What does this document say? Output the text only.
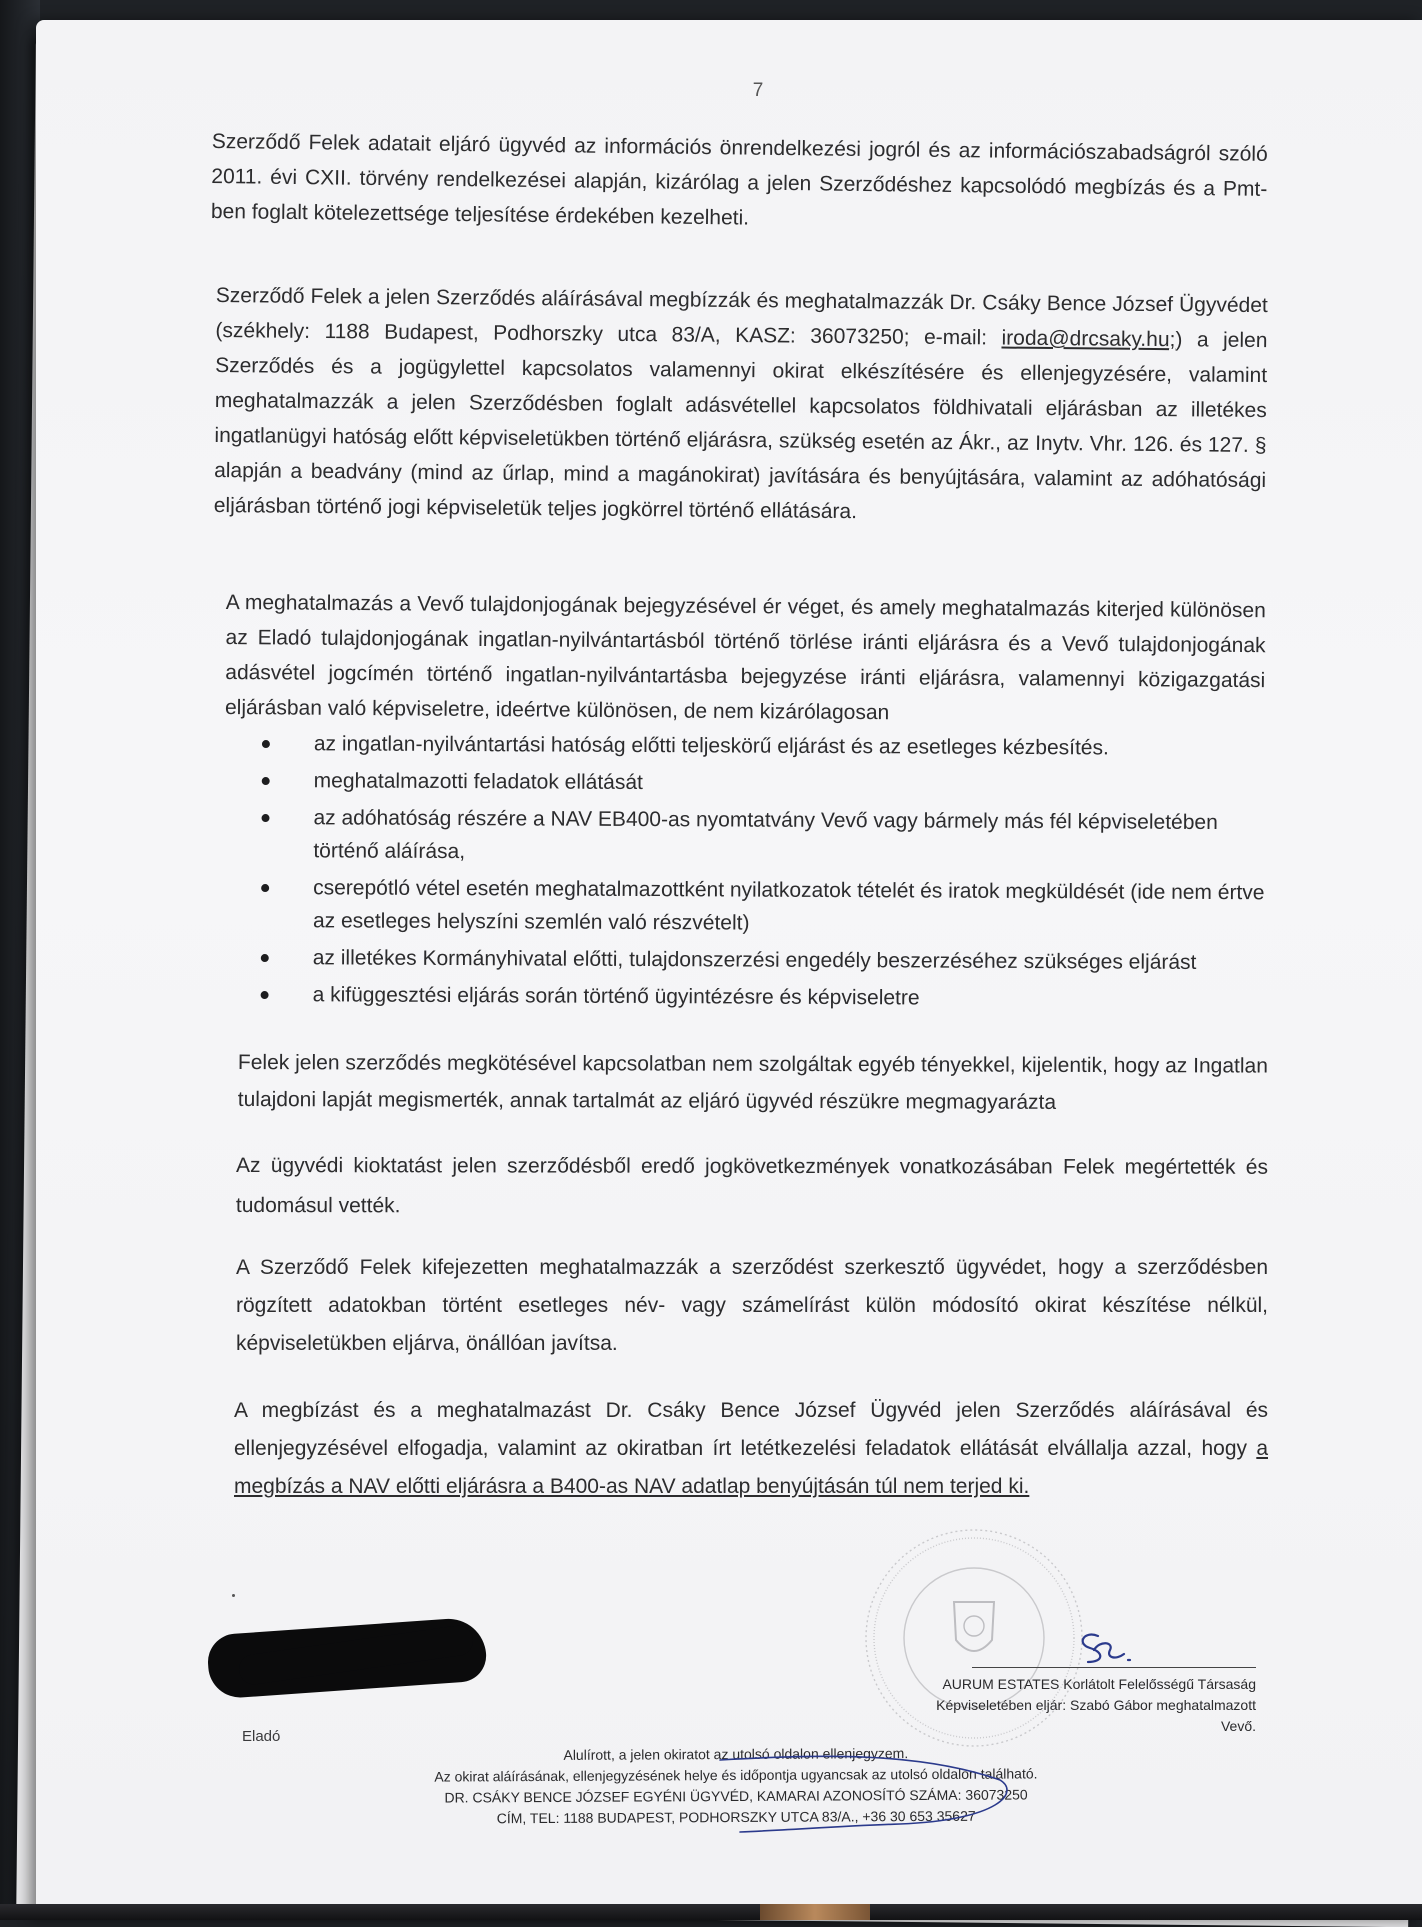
7
Szerződő Felek adatait eljáró ügyvéd az információs önrendelkezési jogról és az információszabadságról szóló 2011. évi CXII. törvény rendelkezései alapján, kizárólag a jelen Szerződéshez kapcsolódó megbízás és a Pmt-ben foglalt kötelezettsége teljesítése érdekében kezelheti.
Szerződő Felek a jelen Szerződés aláírásával megbízzák és meghatalmazzák Dr. Csáky Bence József Ügyvédet (székhely: 1188 Budapest, Podhorszky utca 83/A, KASZ: 36073250; e-mail: iroda@drcsaky.hu;) a jelen Szerződés és a jogügylettel kapcsolatos valamennyi okirat elkészítésére és ellenjegyzésére, valamint meghatalmazzák a jelen Szerződésben foglalt adásvétellel kapcsolatos földhivatali eljárásban az illetékes ingatlanügyi hatóság előtt képviseletükben történő eljárásra, szükség esetén az Ákr., az Inytv. Vhr. 126. és 127. § alapján a beadvány (mind az űrlap, mind a magánokirat) javítására és benyújtására, valamint az adóhatósági eljárásban történő jogi képviseletük teljes jogkörrel történő ellátására.
A meghatalmazás a Vevő tulajdonjogának bejegyzésével ér véget, és amely meghatalmazás kiterjed különösen az Eladó tulajdonjogának ingatlan-nyilvántartásból történő törlése iránti eljárásra és a Vevő tulajdonjogának adásvétel jogcímén történő ingatlan-nyilvántartásba bejegyzése iránti eljárásra, valamennyi közigazgatási eljárásban való képviseletre, ideértve különösen, de nem kizárólagosan
az ingatlan-nyilvántartási hatóság előtti teljeskörű eljárást és az esetleges kézbesítés.
meghatalmazotti feladatok ellátását
az adóhatóság részére a NAV EB400-as nyomtatvány Vevő vagy bármely más fél képviseletében történő aláírása,
cserepótló vétel esetén meghatalmazottként nyilatkozatok tételét és iratok megküldését (ide nem értve az esetleges helyszíni szemlén való részvételt)
az illetékes Kormányhivatal előtti, tulajdonszerzési engedély beszerzéséhez szükséges eljárást
a kifüggesztési eljárás során történő ügyintézésre és képviseletre
Felek jelen szerződés megkötésével kapcsolatban nem szolgáltak egyéb tényekkel, kijelentik, hogy az Ingatlan tulajdoni lapját megismerték, annak tartalmát az eljáró ügyvéd részükre megmagyarázta
Az ügyvédi kioktatást jelen szerződésből eredő jogkövetkezmények vonatkozásában Felek megértették és tudomásul vették.
A Szerződő Felek kifejezetten meghatalmazzák a szerződést szerkesztő ügyvédet, hogy a szerződésben rögzített adatokban történt esetleges név- vagy számelírást külön módosító okirat készítése nélkül, képviseletükben eljárva, önállóan javítsa.
A megbízást és a meghatalmazást Dr. Csáky Bence József Ügyvéd jelen Szerződés aláírásával és ellenjegyzésével elfogadja, valamint az okiratban írt letétkezelési feladatok ellátását elvállalja azzal, hogy a megbízás a NAV előtti eljárásra a B400-as NAV adatlap benyújtásán túl nem terjed ki.
Eladó
AURUM ESTATES Korlátolt Felelősségű Társaság
Képviseletében eljár: Szabó Gábor meghatalmazott
Vevő.
Alulírott, a jelen okiratot az utolsó oldalon ellenjegyzem.
Az okirat aláírásának, ellenjegyzésének helye és időpontja ugyancsak az utolsó oldalon található.
DR. CSÁKY BENCE JÓZSEF EGYÉNI ÜGYVÉD, KAMARAI AZONOSÍTÓ SZÁMA: 36073250
CÍM, TEL: 1188 BUDAPEST, PODHORSZKY UTCA 83/A., +36 30 653 35627
